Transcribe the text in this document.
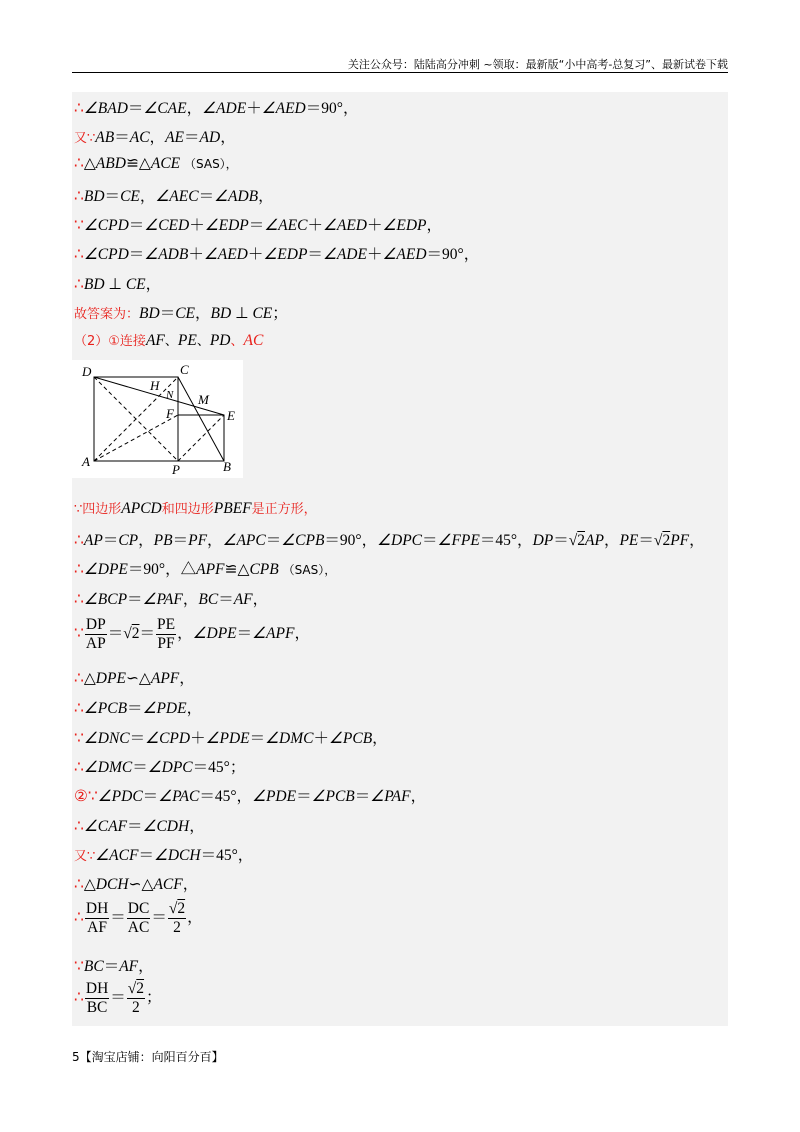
关注公众号：陆陆高分冲刺 ~领取：最新版“小中高考-总复习”、最新试卷下载
∴∠BAD＝∠CAE，∠ADE＋∠AED＝90°，
又∵AB＝AC，AE＝AD，
∴△ABD≌△ACE （SAS），
∴BD＝CE，∠AEC＝∠ADB，
∵∠CPD＝∠CED＋∠EDP＝∠AEC＋∠AED＋∠EDP，
∴∠CPD＝∠ADB＋∠AED＋∠EDP＝∠ADE＋∠AED＝90°，
∴BD ⊥ CE，
故答案为：BD＝CE，BD ⊥ CE；
（2）①连接AF、PE、PD、AC
D	C
H
N M
F	E
A
P	B
∵四边形APCD和四边形PBEF是正方形，
∴AP＝CP，PB＝PF，∠APC＝∠CPB＝90°，∠DPC＝∠FPE＝45°，DP＝√2AP，PE＝√2PF，
∴∠DPE＝90°，△APF≌△CPB （SAS），
∴∠BCP＝∠PAF，BC＝AF，
∵ $\frac{DP}{AP} =√2= \frac{PE}{PF}$ ，∠DPE＝∠APF，
∴△DPE∽△APF，
∴∠PCB＝∠PDE，
∵∠DNC＝∠CPD＋∠PDE＝∠DMC＋∠PCB，
∴∠DMC＝∠DPC＝45°；
②∵∠PDC＝∠PAC＝45°，∠PDE＝∠PCB＝∠PAF，
∴∠CAF＝∠CDH，
又∵∠ACF＝∠DCH＝45°，
∴△DCH∽△ACF，
∴ $\frac{DH}{AF} = \frac{DC}{AC} = \frac{√2}{2}$ ，
∵BC＝AF，
∴ $\frac{DH}{BC} = \frac{√2}{2}$ ；
5【淘宝店铺：向阳百分百】
